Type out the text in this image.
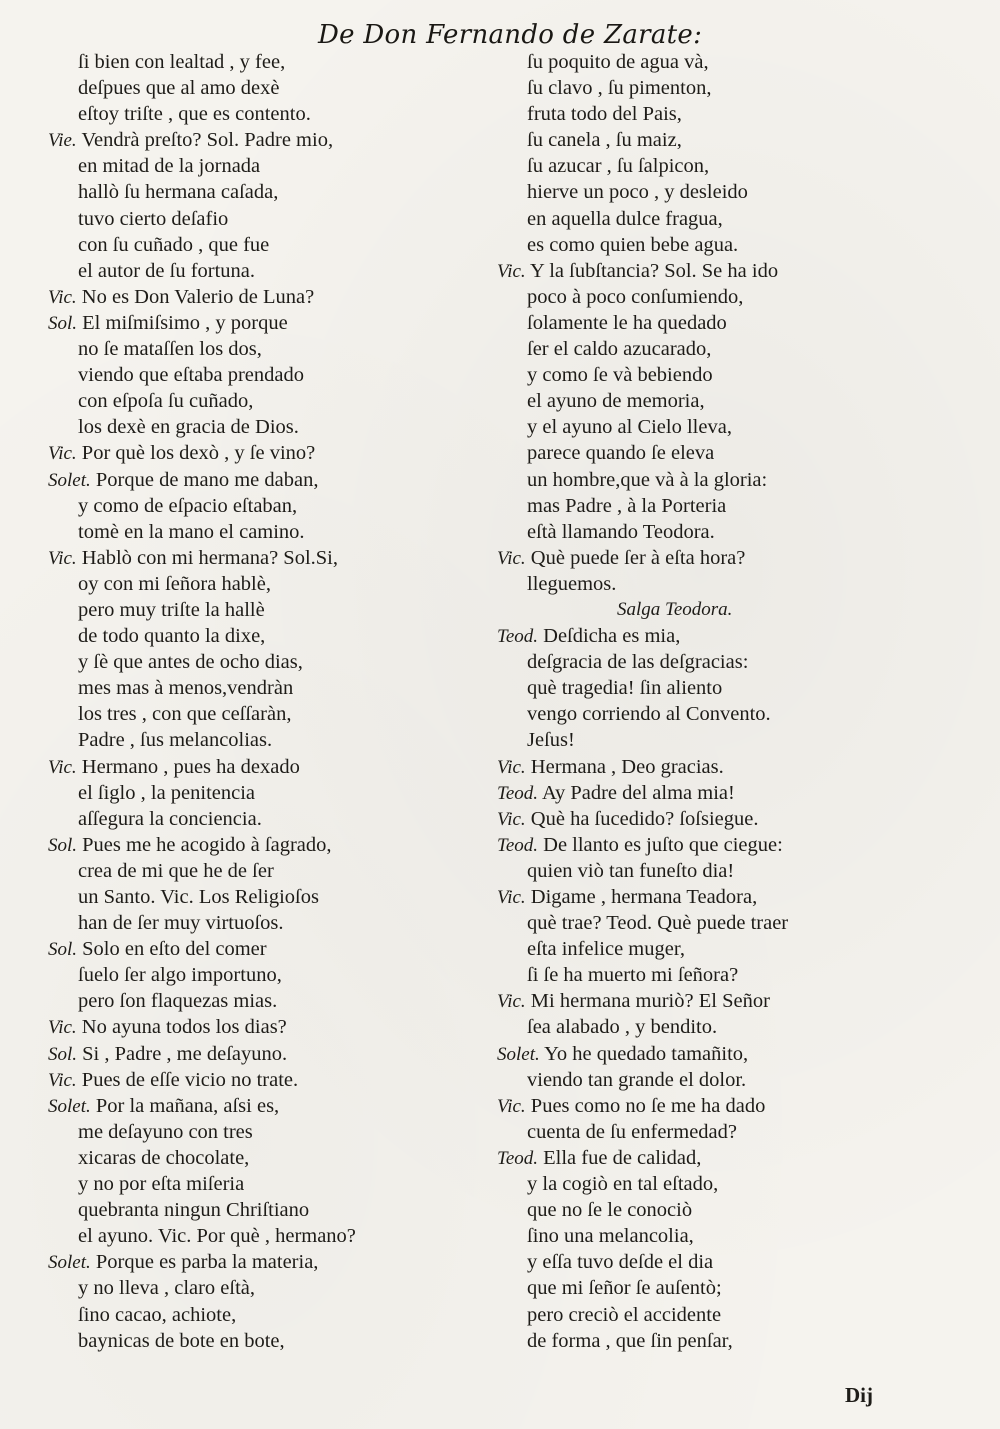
De Don Fernando de Zarate:
ſi bien con lealtad , y fee,
deſpues que al amo dexè
eſtoy triſte , que es contento.
Vie. Vendrà preſto? Sol. Padre mio,
en mitad de la jornada
hallò ſu hermana caſada,
tuvo cierto deſafio
con ſu cuñado , que fue
el autor de ſu fortuna.
Vic. No es Don Valerio de Luna?
Sol. El miſmiſsimo , y porque
no ſe mataſſen los dos,
viendo que eſtaba prendado
con eſpoſa ſu cuñado,
los dexè en gracia de Dios.
Vic. Por què los dexò , y ſe vino?
Solet. Porque de mano me daban,
y como de eſpacio eſtaban,
tomè en la mano el camino.
Vic. Hablò con mi hermana? Sol.Si,
oy con mi ſeñora hablè,
pero muy triſte la hallè
de todo quanto la dixe,
y ſè que antes de ocho dias,
mes mas à menos,vendràn
los tres , con que ceſſaràn,
Padre , ſus melancolias.
Vic. Hermano , pues ha dexado
el ſiglo , la penitencia
aſſegura la conciencia.
Sol. Pues me he acogido à ſagrado,
crea de mi que he de ſer
un Santo. Vic. Los Religioſos
han de ſer muy virtuoſos.
Sol. Solo en eſto del comer
ſuelo ſer algo importuno,
pero ſon flaquezas mias.
Vic. No ayuna todos los dias?
Sol. Si , Padre , me deſayuno.
Vic. Pues de eſſe vicio no trate.
Solet. Por la mañana, aſsi es,
me deſayuno con tres
xicaras de chocolate,
y no por eſta miſeria
quebranta ningun Chriſtiano
el ayuno. Vic. Por què , hermano?
Solet. Porque es parba la materia,
y no lleva , claro eſtà,
ſino cacao, achiote,
baynicas de bote en bote,
ſu poquito de agua và,
ſu clavo , ſu pimenton,
fruta todo del Pais,
ſu canela , ſu maiz,
ſu azucar , ſu ſalpicon,
hierve un poco , y desleido
en aquella dulce fragua,
es como quien bebe agua.
Vic. Y la ſubſtancia? Sol. Se ha ido
poco à poco conſumiendo,
ſolamente le ha quedado
ſer el caldo azucarado,
y como ſe và bebiendo
el ayuno de memoria,
y el ayuno al Cielo lleva,
parece quando ſe eleva
un hombre,que và à la gloria:
mas Padre , à la Porteria
eſtà llamando Teodora.
Vic. Què puede ſer à eſta hora?
lleguemos.
Salga Teodora.
Teod. Deſdicha es mia,
deſgracia de las deſgracias:
què tragedia! ſin aliento
vengo corriendo al Convento.
Jeſus!
Vic. Hermana , Deo gracias.
Teod. Ay Padre del alma mia!
Vic. Què ha ſucedido? ſoſsiegue.
Teod. De llanto es juſto que ciegue:
quien viò tan funeſto dia!
Vic. Digame , hermana Teadora,
què trae? Teod. Què puede traer
eſta infelice muger,
ſi ſe ha muerto mi ſeñora?
Vic. Mi hermana muriò? El Señor
ſea alabado , y bendito.
Solet. Yo he quedado tamañito,
viendo tan grande el dolor.
Vic. Pues como no ſe me ha dado
cuenta de ſu enfermedad?
Teod. Ella fue de calidad,
y la cogiò en tal eſtado,
que no ſe le conociò
ſino una melancolia,
y eſſa tuvo deſde el dia
que mi ſeñor ſe auſentò;
pero creciò el accidente
de forma , que ſin penſar,
Dij
